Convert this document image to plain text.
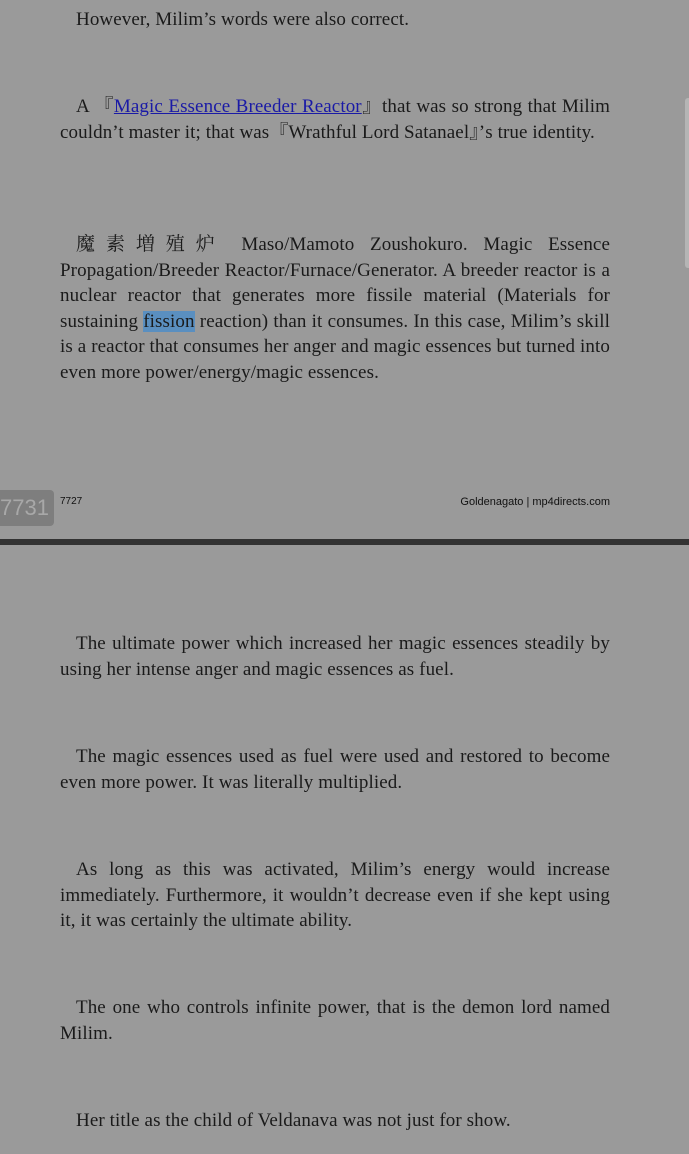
However, Milim’s words were also correct.

A 『Magic Essence Breeder Reactor』that was so strong that Milim couldn’t master it; that was『Wrathful Lord Satanael』’s true identity.

魔素増殖炉 Maso/Mamoto Zoushokuro. Magic Essence Propagation/Breeder Reactor/Furnace/Generator. A breeder reactor is a nuclear reactor that generates more fissile material (Materials for sustaining fission reaction) than it consumes. In this case, Milim’s skill is a reactor that consumes her anger and magic essences but turned into even more power/energy/magic essences.

7731	7727	Goldenagato | mp4directs.com

The ultimate power which increased her magic essences steadily by using her intense anger and magic essences as fuel.

The magic essences used as fuel were used and restored to become even more power. It was literally multiplied.

As long as this was activated, Milim’s energy would increase immediately. Furthermore, it wouldn’t decrease even if she kept using it, it was certainly the ultimate ability.

The one who controls infinite power, that is the demon lord named Milim.

Her title as the child of Veldanava was not just for show.
